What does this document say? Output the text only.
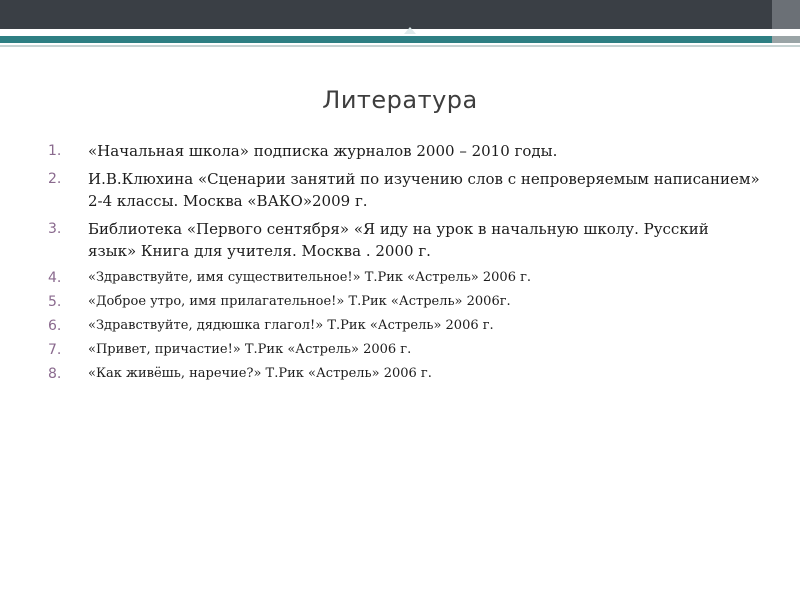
Литература
1. «Начальная школа» подписка журналов 2000 – 2010 годы.
2. И.В.Клюхина «Сценарии занятий по изучению слов с непроверяемым написанием» 2-4 классы. Москва «ВАКО»2009 г.
3. Библиотека «Первого сентября» «Я иду на урок в начальную школу. Русский язык» Книга для учителя. Москва . 2000 г.
4. «Здравствуйте, имя существительное!» Т.Рик «Астрель» 2006 г.
5. «Доброе утро, имя прилагательное!» Т.Рик «Астрель» 2006г.
6. «Здравствуйте, дядюшка глагол!» Т.Рик «Астрель» 2006 г.
7. «Привет, причастие!» Т.Рик «Астрель» 2006 г.
8. «Как живёшь, наречие?» Т.Рик «Астрель» 2006 г.
